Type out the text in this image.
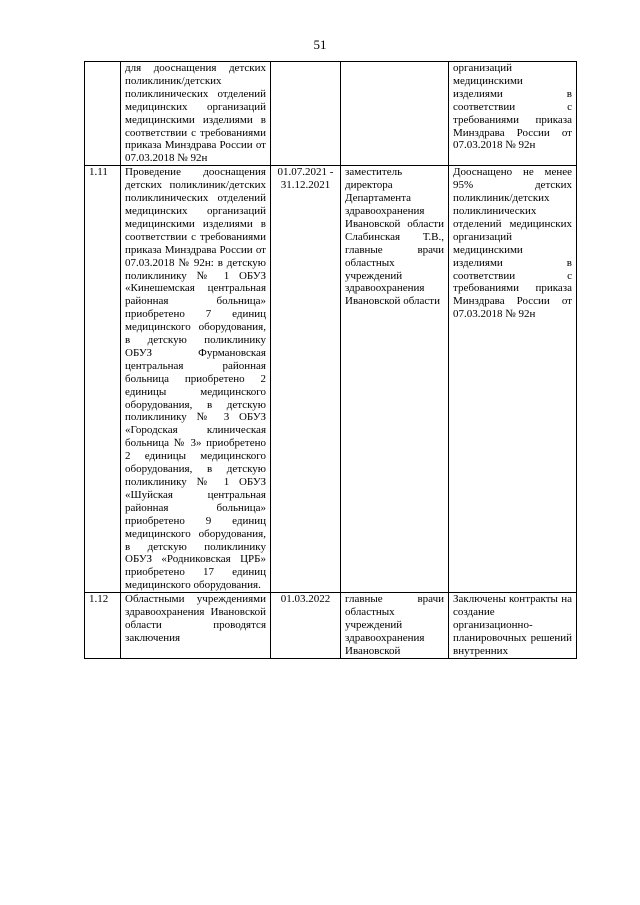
51
	для дооснащения детских поликлиник/детских поликлинических отделений медицинских организаций медицинскими изделиями в соответствии с требованиями приказа Минздрава России от 07.03.2018 № 92н			организаций медицинскими изделиями в соответствии с требованиями приказа Минздрава России от 07.03.2018 № 92н
1.11	Проведение дооснащения детских поликлиник/детских поликлинических отделений медицинских организаций медицинскими изделиями в соответствии с требованиями приказа Минздрава России от 07.03.2018 № 92н: в детскую поликлинику № 1 ОБУЗ «Кинешемская центральная районная больница» приобретено 7 единиц медицинского оборудования, в детскую поликлинику ОБУЗ Фурмановская центральная районная больница приобретено 2 единицы медицинского оборудования, в детскую поликлинику № 3 ОБУЗ «Городская клиническая больница № 3» приобретено 2 единицы медицинского оборудования, в детскую поликлинику № 1 ОБУЗ «Шуйская центральная районная больница» приобретено 9 единиц медицинского оборудования, в детскую поликлинику ОБУЗ «Родниковская ЦРБ» приобретено 17 единиц медицинского оборудования.	01.07.2021 - 31.12.2021	заместитель директора Департамента здравоохранения Ивановской области Слабинская Т.В., главные врачи областных учреждений здравоохранения Ивановской области	Дооснащено не менее 95% детских поликлиник/детских поликлинических отделений медицинских организаций медицинскими изделиями в соответствии с требованиями приказа Минздрава России от 07.03.2018 № 92н
1.12	Областными учреждениями здравоохранения Ивановской области проводятся заключения	01.03.2022	главные врачи областных учреждений здравоохранения Ивановской	Заключены контракты на создание организационно-планировочных решений внутренних
